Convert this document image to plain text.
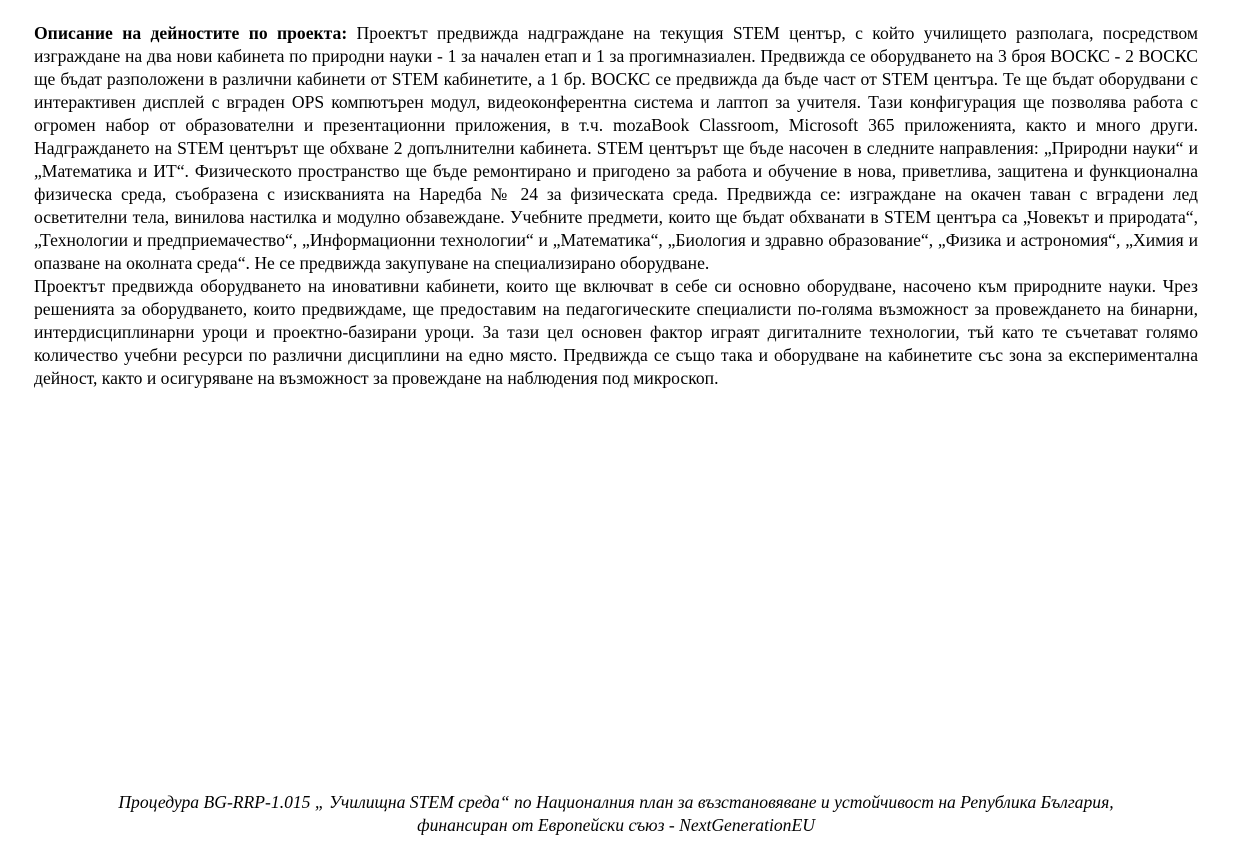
Описание на дейностите по проекта: Проектът предвижда надграждане на текущия STEM център, с който училището разполага, посредством изграждане на два нови кабинета по природни науки - 1 за начален етап и 1 за прогимназиален. Предвижда се оборудването на 3 броя ВОСКС - 2 ВОСКС ще бъдат разположени в различни кабинети от STEM кабинетите, а 1 бр. ВОСКС се предвижда да бъде част от STEM центъра. Те ще бъдат оборудвани с интерактивен дисплей с вграден OPS компютърен модул, видеоконферентна система и лаптоп за учителя. Тази конфигурация ще позволява работа с огромен набор от образователни и презентационни приложения, в т.ч. mozaBook Classroom, Microsoft 365 приложенията, както и много други. Надграждането на STEM центърът ще обхване 2 допълнителни кабинета. STEM центърът ще бъде насочен в следните направления: „Природни науки“ и „Математика и ИТ“. Физическото пространство ще бъде ремонтирано и пригодено за работа и обучение в нова, приветлива, защитена и функционална физическа среда, съобразена с изискванията на Наредба № 24 за физическата среда. Предвижда се: изграждане на окачен таван с вградени лед осветителни тела, винилова настилка и модулно обзавеждане. Учебните предмети, които ще бъдат обхванати в STEM центъра са „Човекът и природата“, „Технологии и предприемачество“, „Информационни технологии“ и „Математика“, „Биология и здравно образование“, „Физика и астрономия“, „Химия и опазване на околната среда“. Не се предвижда закупуване на специализирано оборудване.

Проектът предвижда оборудването на иновативни кабинети, които ще включват в себе си основно оборудване, насочено към природните науки. Чрез решенията за оборудването, които предвиждаме, ще предоставим на педагогическите специалисти по-голяма възможност за провеждането на бинарни, интердисциплинарни уроци и проектно-базирани уроци. За тази цел основен фактор играят дигиталните технологии, тъй като те съчетават голямо количество учебни ресурси по различни дисциплини на едно място. Предвижда се също така и оборудване на кабинетите със зона за експериментална дейност, както и осигуряване на възможност за провеждане на наблюдения под микроскоп.

Процедура BG-RRP-1.015 „ Училищна STEM среда“ по Националния план за възстановяване и устойчивост на Република България,
финансиран от Европейски съюз - NextGenerationEU
